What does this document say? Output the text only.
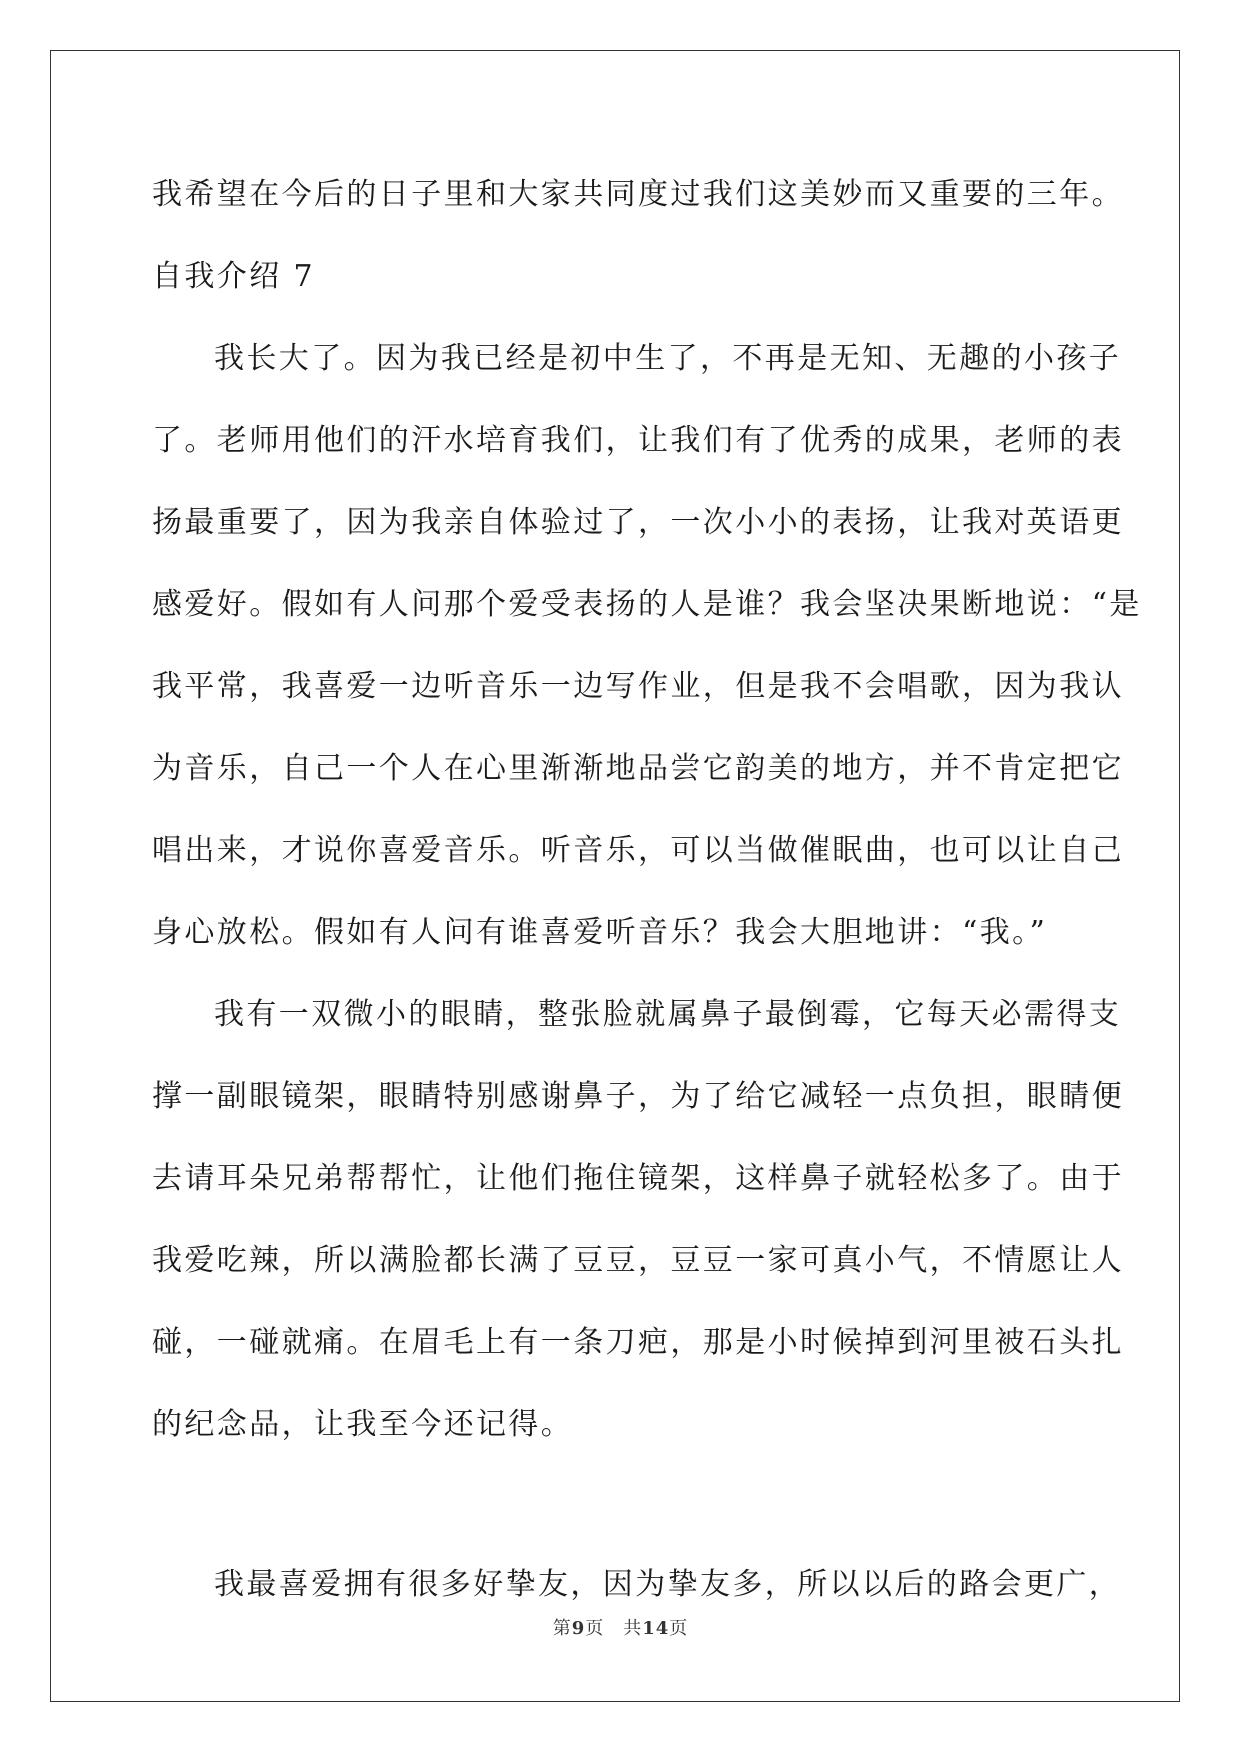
我希望在今后的日子里和大家共同度过我们这美妙而又重要的三年。

自我介绍 7

我长大了。因为我已经是初中生了，不再是无知、无趣的小孩子

了。老师用他们的汗水培育我们，让我们有了优秀的成果，老师的表

扬最重要了，因为我亲自体验过了，一次小小的表扬，让我对英语更

感爱好。假如有人问那个爱受表扬的人是谁？我会坚决果断地说：“是

我平常，我喜爱一边听音乐一边写作业，但是我不会唱歌，因为我认

为音乐，自己一个人在心里渐渐地品尝它韵美的地方，并不肯定把它

唱出来，才说你喜爱音乐。听音乐，可以当做催眠曲，也可以让自己

身心放松。假如有人问有谁喜爱听音乐？我会大胆地讲：“我。”

我有一双微小的眼睛，整张脸就属鼻子最倒霉，它每天必需得支

撑一副眼镜架，眼睛特别感谢鼻子，为了给它减轻一点负担，眼睛便

去请耳朵兄弟帮帮忙，让他们拖住镜架，这样鼻子就轻松多了。由于

我爱吃辣，所以满脸都长满了豆豆，豆豆一家可真小气，不情愿让人

碰，一碰就痛。在眉毛上有一条刀疤，那是小时候掉到河里被石头扎

的纪念品，让我至今还记得。

我最喜爱拥有很多好挚友，因为挚友多，所以以后的路会更广，

第9页　共14页
